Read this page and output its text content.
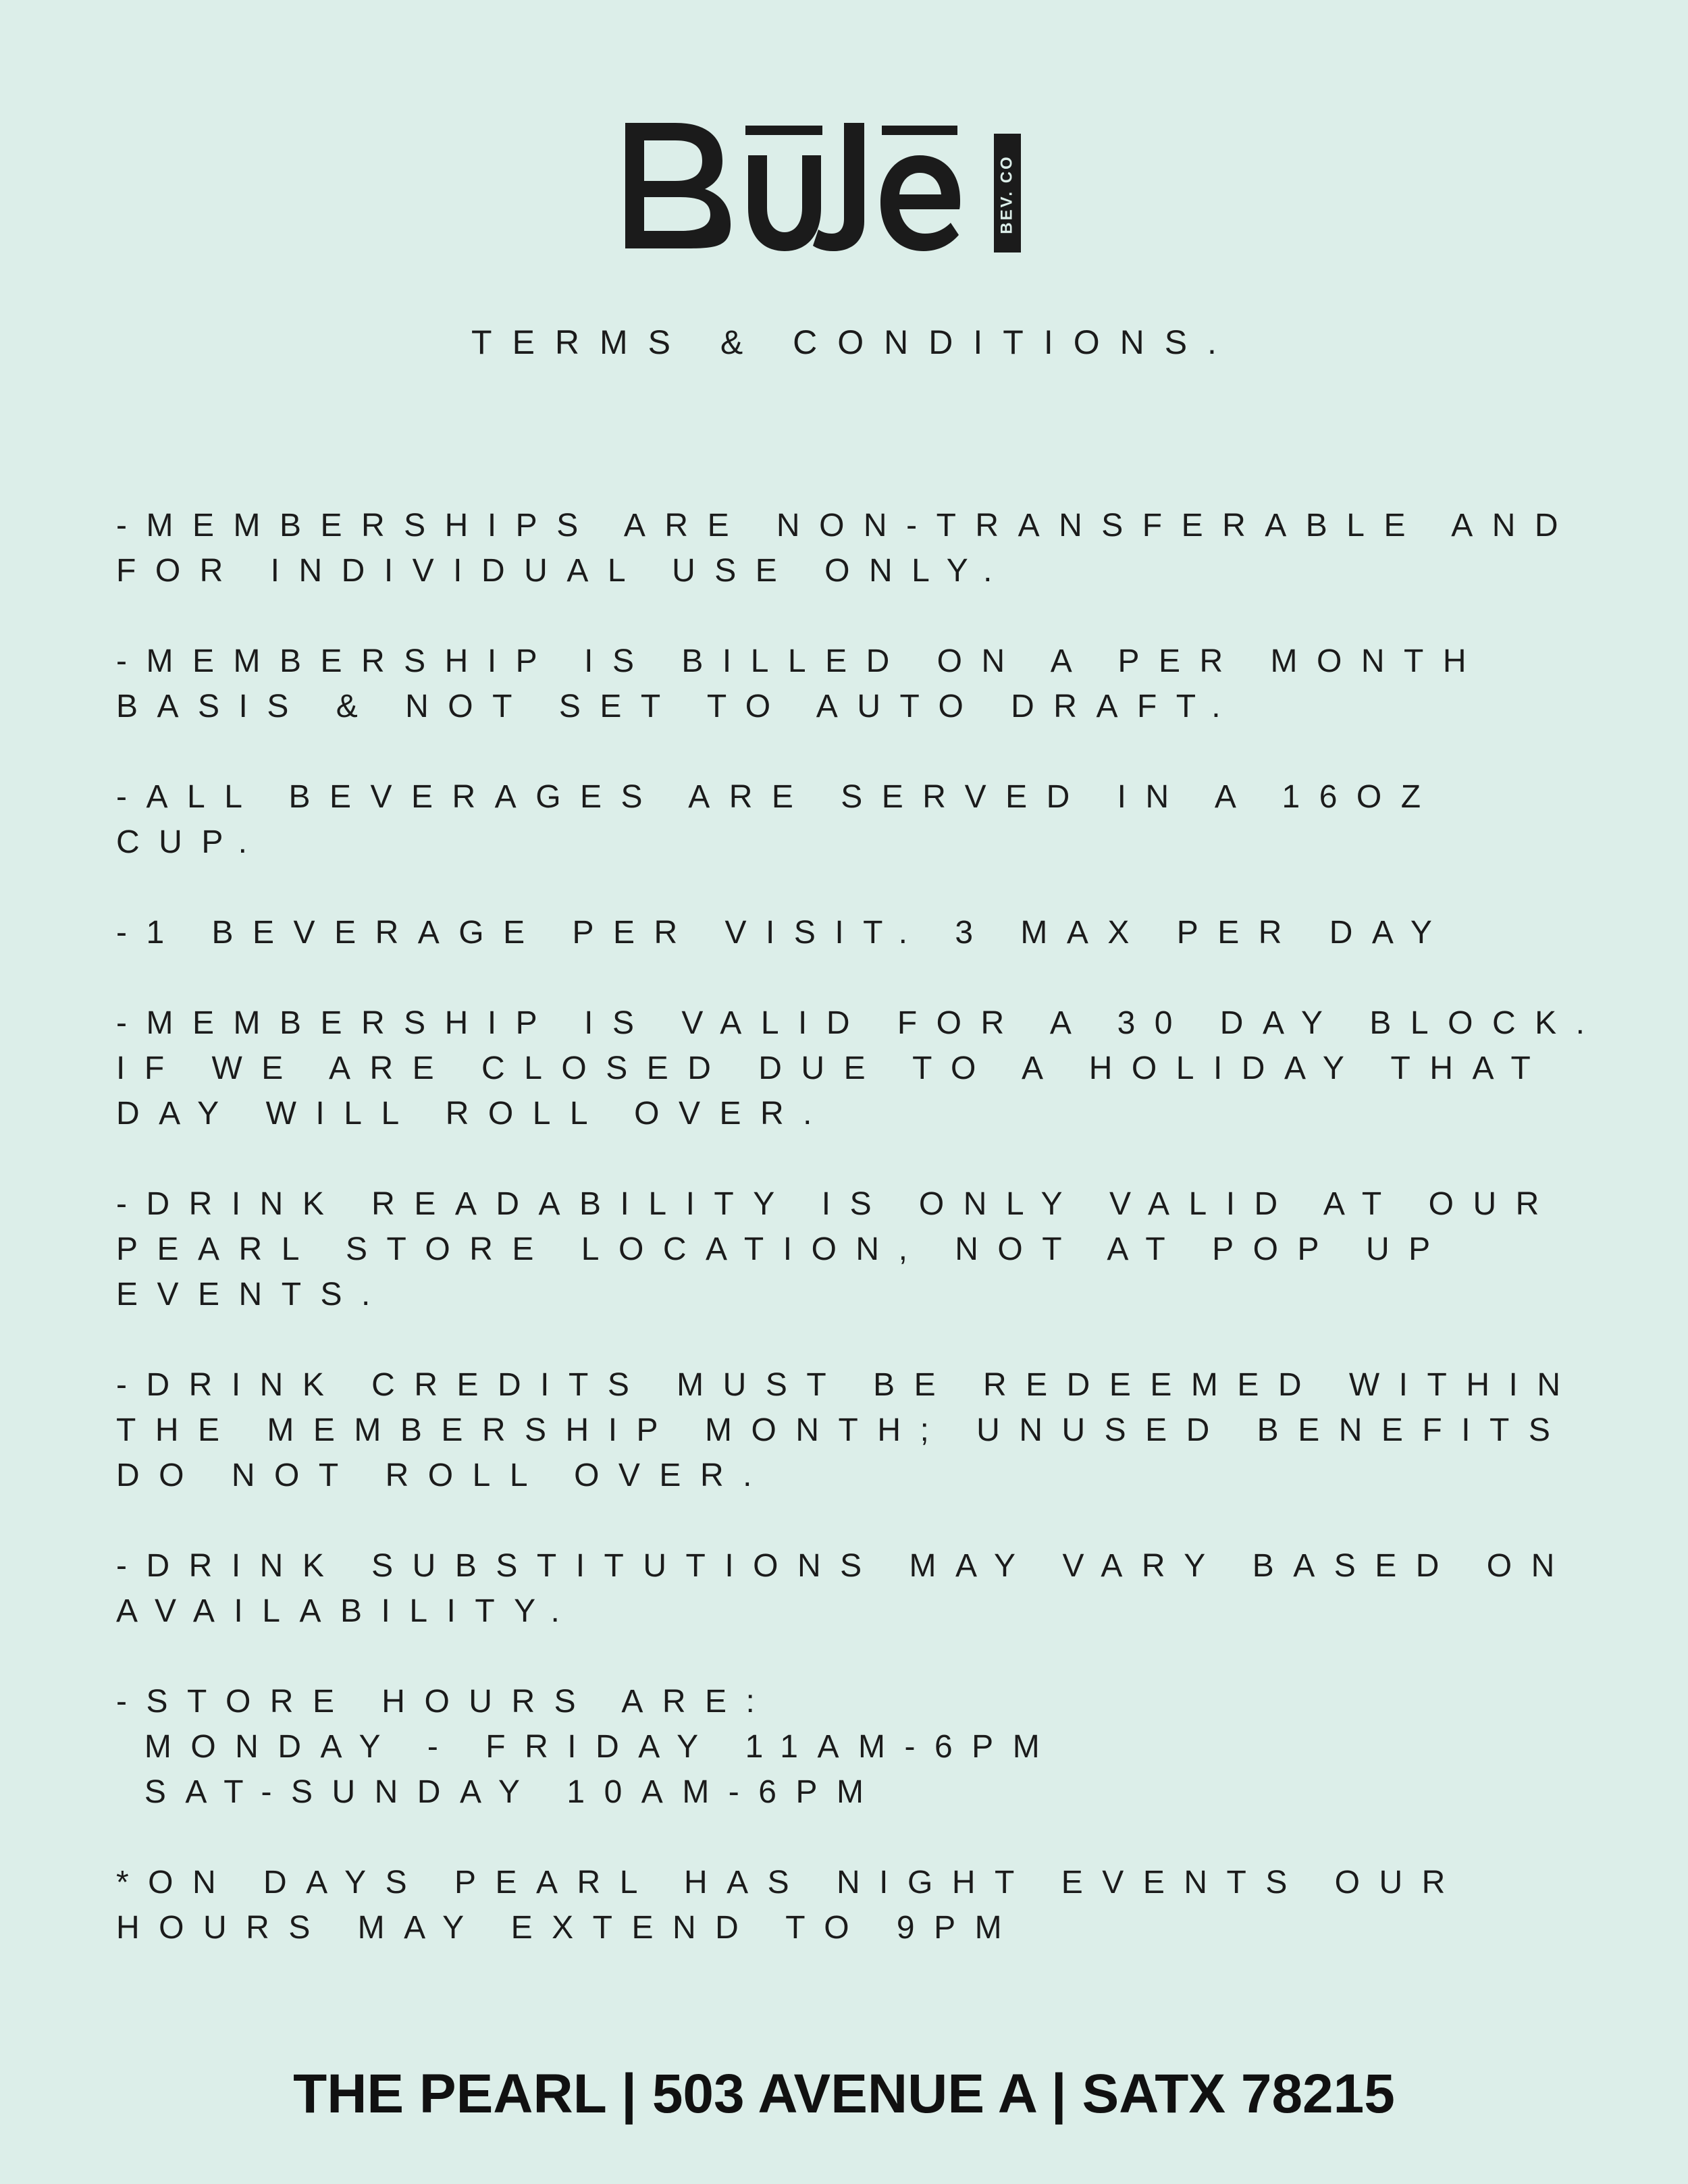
BEV. CO
TERMS & CONDITIONS.
-MEMBERSHIPS ARE NON-TRANSFERABLE AND
FOR INDIVIDUAL USE ONLY.
-MEMBERSHIP IS BILLED ON A PER MONTH
BASIS & NOT SET TO AUTO DRAFT.
-ALL BEVERAGES ARE SERVED IN A 16OZ
CUP.
-1 BEVERAGE PER VISIT. 3 MAX PER DAY
-MEMBERSHIP IS VALID FOR A 30 DAY BLOCK.
IF WE ARE CLOSED DUE TO A HOLIDAY THAT
DAY WILL ROLL OVER.
-DRINK READABILITY IS ONLY VALID AT OUR
PEARL STORE LOCATION, NOT AT POP UP
EVENTS.
-DRINK CREDITS MUST BE REDEEMED WITHIN
THE MEMBERSHIP MONTH; UNUSED BENEFITS
DO NOT ROLL OVER.
-DRINK SUBSTITUTIONS MAY VARY BASED ON
AVAILABILITY.
-STORE HOURS ARE:
MONDAY - FRIDAY 11AM-6PM
SAT-SUNDAY 10AM-6PM
*ON DAYS PEARL HAS NIGHT EVENTS OUR
HOURS MAY EXTEND TO 9PM
THE PEARL | 503 AVENUE A | SATX 78215
